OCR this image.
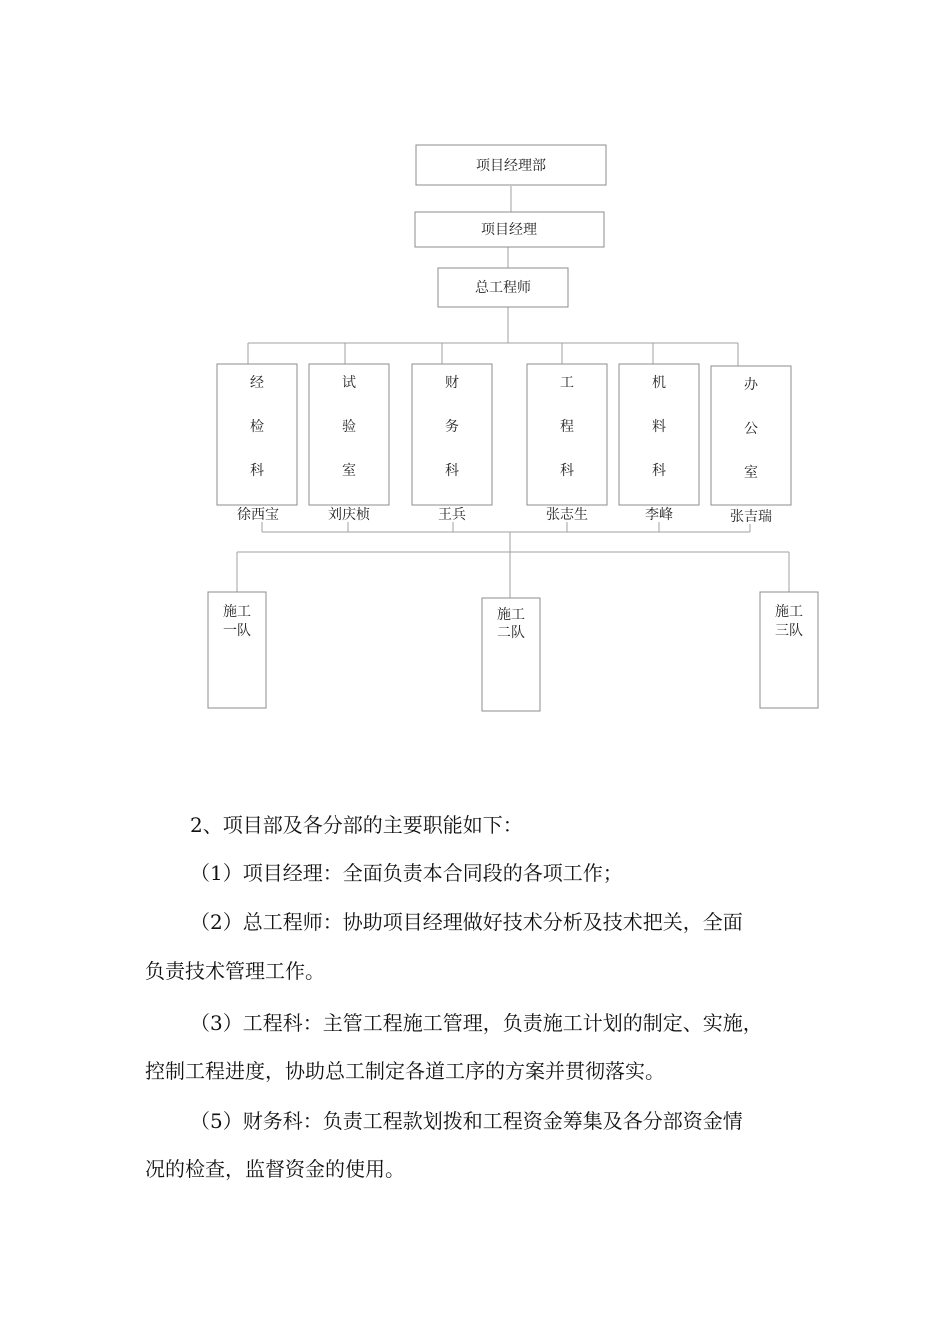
项目经理部
项目经理
总工程师
经
检
科
徐西宝
试
验
室
刘庆桢
财
务
科
王兵
工
程
科
张志生
机
料
科
李峰
办
公
室
张吉瑞
施工
一队
施工
二队
施工
三队

2、项目部及各分部的主要职能如下：

（1）项目经理：全面负责本合同段的各项工作；

（2）总工程师：协助项目经理做好技术分析及技术把关，全面

负责技术管理工作。

（3）工程科：主管工程施工管理，负责施工计划的制定、实施，

控制工程进度，协助总工制定各道工序的方案并贯彻落实。

（5）财务科：负责工程款划拨和工程资金筹集及各分部资金情

况的检查，监督资金的使用。
